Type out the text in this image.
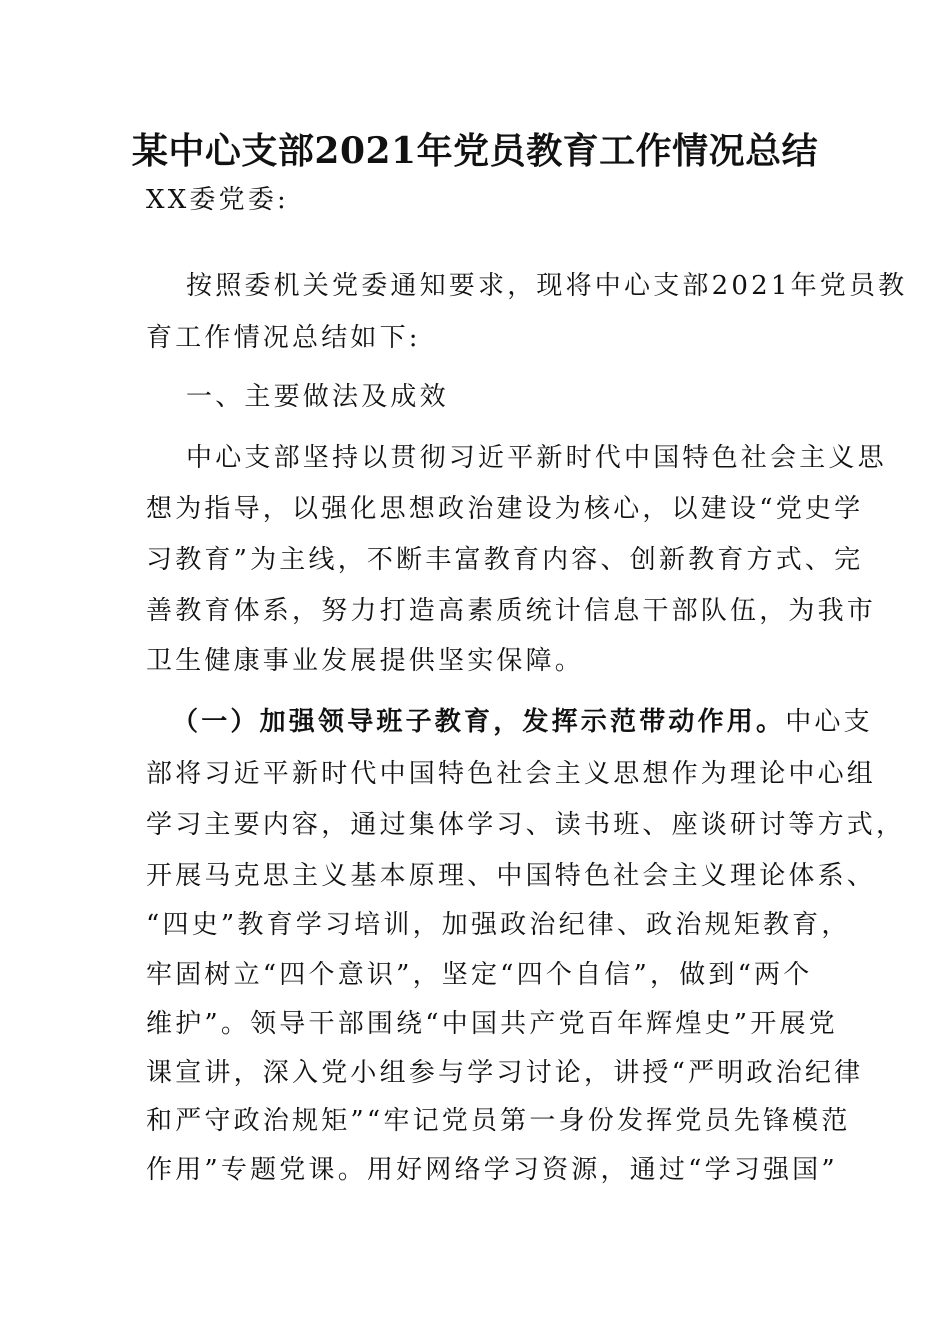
某中心支部2021年党员教育工作情况总结
XX委党委:
按照委机关党委通知要求，现将中心支部2021年党员教
育工作情况总结如下:
一、主要做法及成效
中心支部坚持以贯彻习近平新时代中国特色社会主义思
想为指导，以强化思想政治建设为核心，以建设“党史学
习教育”为主线，不断丰富教育内容、创新教育方式、完
善教育体系，努力打造高素质统计信息干部队伍，为我市
卫生健康事业发展提供坚实保障。
（一）加强领导班子教育，发挥示范带动作用。中心支
部将习近平新时代中国特色社会主义思想作为理论中心组
学习主要内容，通过集体学习、读书班、座谈研讨等方式，
开展马克思主义基本原理、中国特色社会主义理论体系、
“四史”教育学习培训，加强政治纪律、政治规矩教育，
牢固树立“四个意识”，坚定“四个自信”，做到“两个
维护”。领导干部围绕“中国共产党百年辉煌史”开展党
课宣讲，深入党小组参与学习讨论，讲授“严明政治纪律
和严守政治规矩”“牢记党员第一身份发挥党员先锋模范
作用”专题党课。用好网络学习资源，通过“学习强国”
